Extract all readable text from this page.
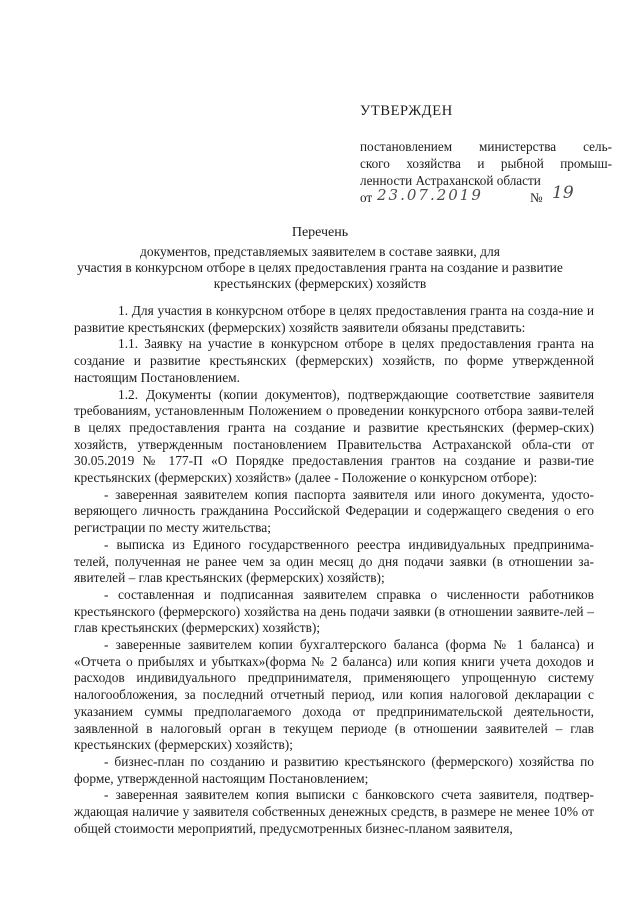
УТВЕРЖДЕН
постановлением министерства сель-
ского хозяйства и рыбной промыш-
ленности Астраханской области
от 23.07.2019	№ 19
Перечень
документов, представляемых заявителем в составе заявки, для
участия в конкурсном отборе в целях предоставления гранта на создание и развитие
крестьянских (фермерских) хозяйств

1. Для участия в конкурсном отборе в целях предоставления гранта на созда-ние и развитие крестьянских (фермерских) хозяйств заявители обязаны представить:

1.1. Заявку на участие в конкурсном отборе в целях предоставления гранта на создание и развитие крестьянских (фермерских) хозяйств, по форме утвержденной настоящим Постановлением.

1.2. Документы (копии документов), подтверждающие соответствие заявителя требованиям, установленным Положением о проведении конкурсного отбора заяви-телей в целях предоставления гранта на создание и развитие крестьянских (фермер-ских) хозяйств, утвержденным постановлением Правительства Астраханской обла-сти от 30.05.2019 № 177-П «О Порядке предоставления грантов на создание и разви-тие крестьянских (фермерских) хозяйств» (далее - Положение о конкурсном отборе):

- заверенная заявителем копия паспорта заявителя или иного документа, удосто-веряющего личность гражданина Российской Федерации и содержащего сведения о его регистрации по месту жительства;

- выписка из Единого государственного реестра индивидуальных предпринима-телей, полученная не ранее чем за один месяц до дня подачи заявки (в отношении за-явителей – глав крестьянских (фермерских) хозяйств);

- составленная и подписанная заявителем справка о численности работников крестьянского (фермерского) хозяйства на день подачи заявки (в отношении заявите-лей – глав крестьянских (фермерских) хозяйств);

- заверенные заявителем копии бухгалтерского баланса (форма № 1 баланса) и «Отчета о прибылях и убытках»(форма № 2 баланса) или копия книги учета доходов и расходов индивидуального предпринимателя, применяющего упрощенную систему налогообложения, за последний отчетный период, или копия налоговой декларации с указанием суммы предполагаемого дохода от предпринимательской деятельности, заявленной в налоговый орган в текущем периоде (в отношении заявителей – глав крестьянских (фермерских) хозяйств);

- бизнес-план по созданию и развитию крестьянского (фермерского) хозяйства по форме, утвержденной настоящим Постановлением;

- заверенная заявителем копия выписки с банковского счета заявителя, подтвер-ждающая наличие у заявителя собственных денежных средств, в размере не менее 10% от общей стоимости мероприятий, предусмотренных бизнес-планом заявителя,
